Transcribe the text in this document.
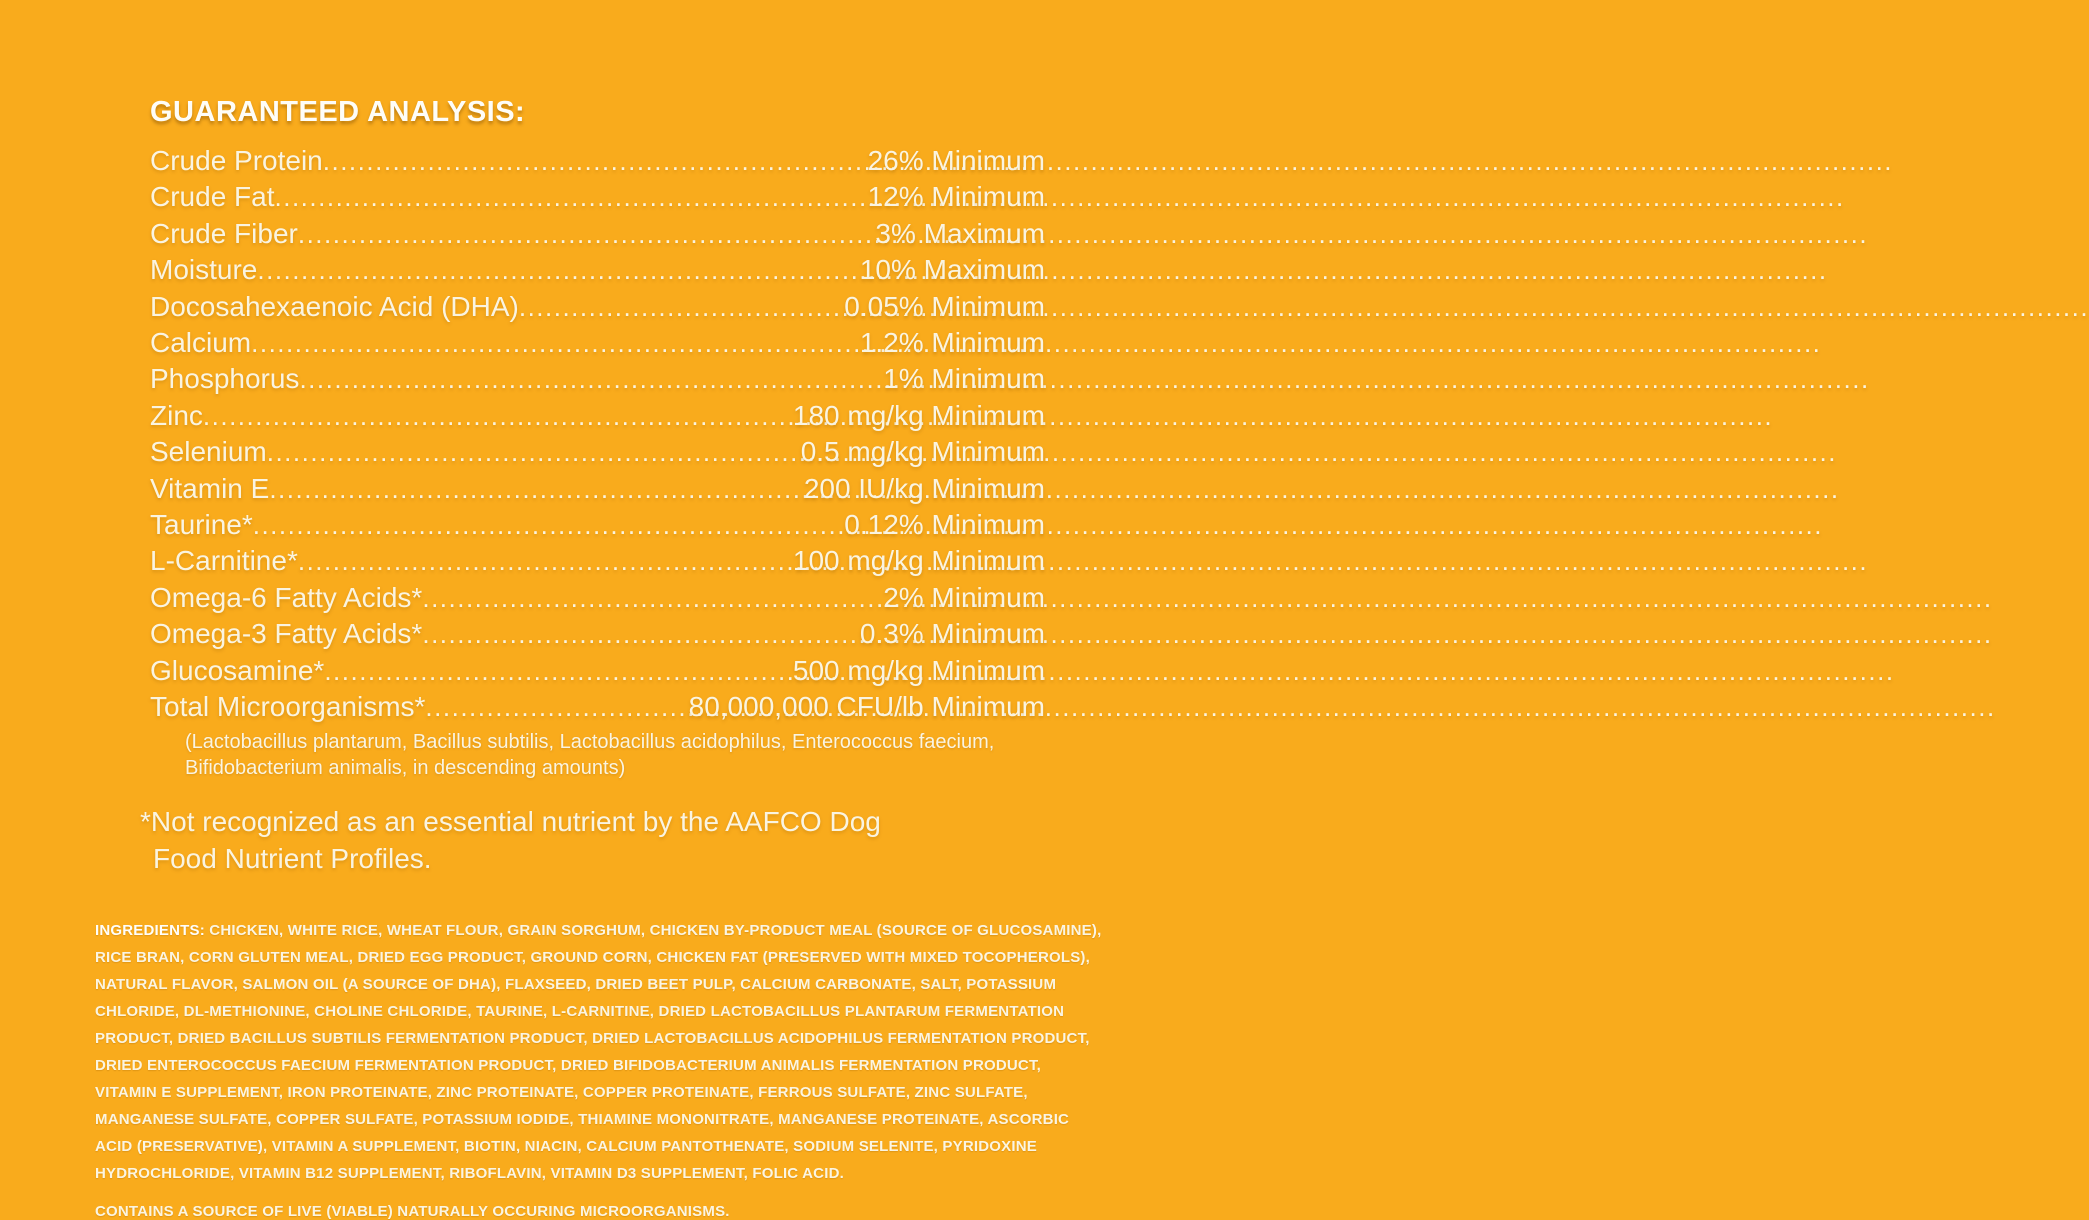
GUARANTEED ANALYSIS:
Crude Protein .....	26% Minimum
Crude Fat .....	12% Minimum
Crude Fiber .....	3% Maximum
Moisture .....	10% Maximum
Docosahexaenoic Acid (DHA) .....	0.05% Minimum
Calcium .....	1.2% Minimum
Phosphorus .....	1% Minimum
Zinc .....	180 mg/kg Minimum
Selenium .....	0.5 mg/kg Minimum
Vitamin E .....	200 IU/kg Minimum
Taurine* .....	0.12% Minimum
L-Carnitine* .....	100 mg/kg Minimum
Omega-6 Fatty Acids* .....	2% Minimum
Omega-3 Fatty Acids* .....	0.3% Minimum
Glucosamine* .....	500 mg/kg Minimum
Total Microorganisms* .....	80,000,000 CFU/lb Minimum

(Lactobacillus plantarum, Bacillus subtilis, Lactobacillus acidophilus, Enterococcus faecium, Bifidobacterium animalis, in descending amounts)

*Not recognized as an essential nutrient by the AAFCO Dog Food Nutrient Profiles.

INGREDIENTS: CHICKEN, WHITE RICE, WHEAT FLOUR, GRAIN SORGHUM, CHICKEN BY-PRODUCT MEAL (SOURCE OF GLUCOSAMINE), RICE BRAN, CORN GLUTEN MEAL, DRIED EGG PRODUCT, GROUND CORN, CHICKEN FAT (PRESERVED WITH MIXED TOCOPHEROLS), NATURAL FLAVOR, SALMON OIL (A SOURCE OF DHA), FLAXSEED, DRIED BEET PULP, CALCIUM CARBONATE, SALT, POTASSIUM CHLORIDE, DL-METHIONINE, CHOLINE CHLORIDE, TAURINE, L-CARNITINE, DRIED LACTOBACILLUS PLANTARUM FERMENTATION PRODUCT, DRIED BACILLUS SUBTILIS FERMENTATION PRODUCT, DRIED LACTOBACILLUS ACIDOPHILUS FERMENTATION PRODUCT, DRIED ENTEROCOCCUS FAECIUM FERMENTATION PRODUCT, DRIED BIFIDOBACTERIUM ANIMALIS FERMENTATION PRODUCT, VITAMIN E SUPPLEMENT, IRON PROTEINATE, ZINC PROTEINATE, COPPER PROTEINATE, FERROUS SULFATE, ZINC SULFATE, MANGANESE SULFATE, COPPER SULFATE, POTASSIUM IODIDE, THIAMINE MONONITRATE, MANGANESE PROTEINATE, ASCORBIC ACID (PRESERVATIVE), VITAMIN A SUPPLEMENT, BIOTIN, NIACIN, CALCIUM PANTOTHENATE, SODIUM SELENITE, PYRIDOXINE HYDROCHLORIDE, VITAMIN B12 SUPPLEMENT, RIBOFLAVIN, VITAMIN D3 SUPPLEMENT, FOLIC ACID.

CONTAINS A SOURCE OF LIVE (VIABLE) NATURALLY OCCURING MICROORGANISMS.
